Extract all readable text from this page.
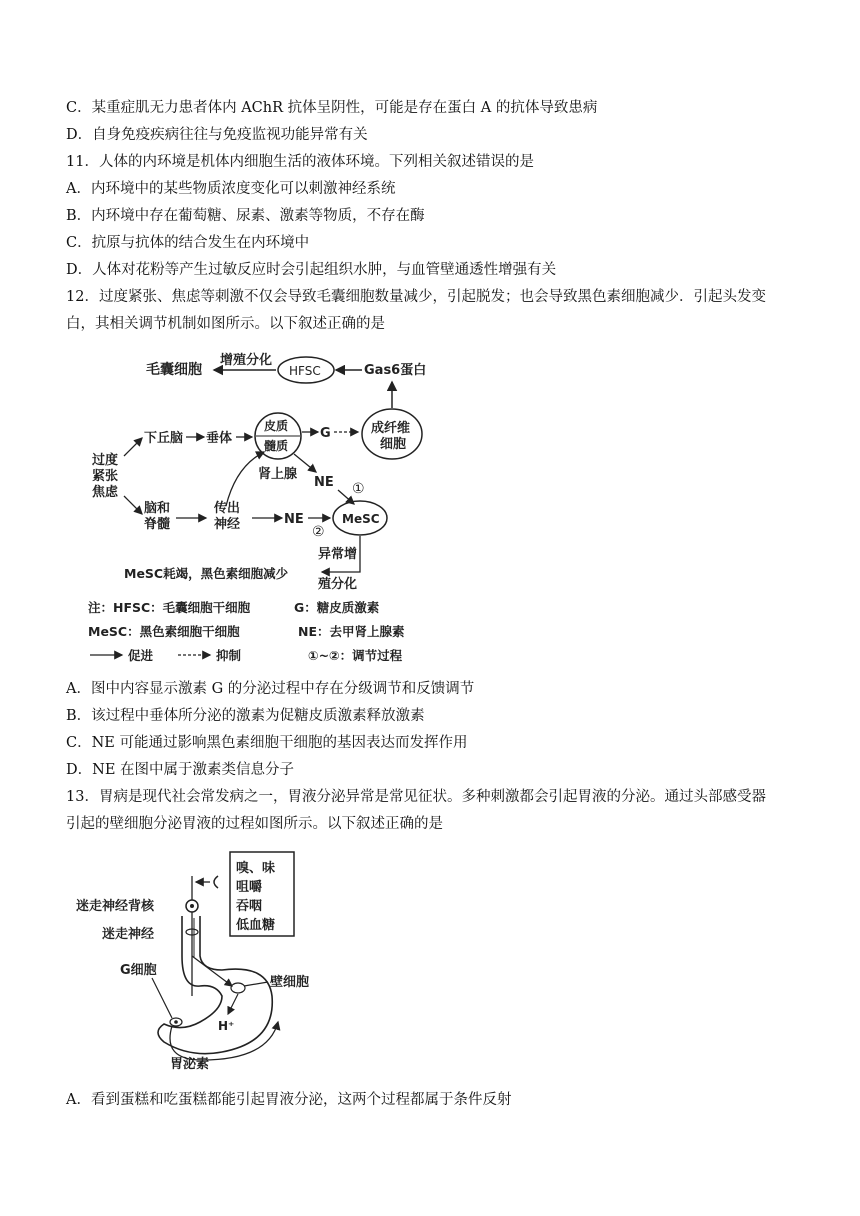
C．某重症肌无力患者体内 AChR 抗体呈阴性，可能是存在蛋白 A 的抗体导致患病
D．自身免疫疾病往往与免疫监视功能异常有关
11．人体的内环境是机体内细胞生活的液体环境。下列相关叙述错误的是
A．内环境中的某些物质浓度变化可以刺激神经系统
B．内环境中存在葡萄糖、尿素、激素等物质，不存在酶
C．抗原与抗体的结合发生在内环境中
D．人体对花粉等产生过敏反应时会引起组织水肿，与血管壁通透性增强有关
12．过度紧张、焦虑等刺激不仅会导致毛囊细胞数量减少，引起脱发；也会导致黑色素细胞减少．引起头发变
白，其相关调节机制如图所示。以下叙述正确的是
毛囊细胞
增殖分化
HFSC	Gas6蛋白
过度
紧张
焦虑
下丘脑 垂体
皮质
髓质
肾上腺
G	成纤维
细胞
NE ①
脑和
脊髓
传出
神经	NE
②
MeSC
异常增
殖分化
MeSC耗竭，黑色素细胞减少
注：HFSC：毛囊细胞干细胞	G：糖皮质激素
MeSC：黑色素细胞干细胞	NE：去甲肾上腺素
促进	抑制	①~②：调节过程
A．图中内容显示激素 G 的分泌过程中存在分级调节和反馈调节
B．该过程中垂体所分泌的激素为促糖皮质激素释放激素
C．NE 可能通过影响黑色素细胞干细胞的基因表达而发挥作用
D．NE 在图中属于激素类信息分子
13．胃病是现代社会常发病之一，胃液分泌异常是常见征状。多种刺激都会引起胃液的分泌。通过头部感受器
引起的壁细胞分泌胃液的过程如图所示。以下叙述正确的是
嗅、味
咀嚼
吞咽
低血糖
迷走神经背核
迷走神经
G细胞
壁细胞
H⁺
胃泌素
A．看到蛋糕和吃蛋糕都能引起胃液分泌，这两个过程都属于条件反射
